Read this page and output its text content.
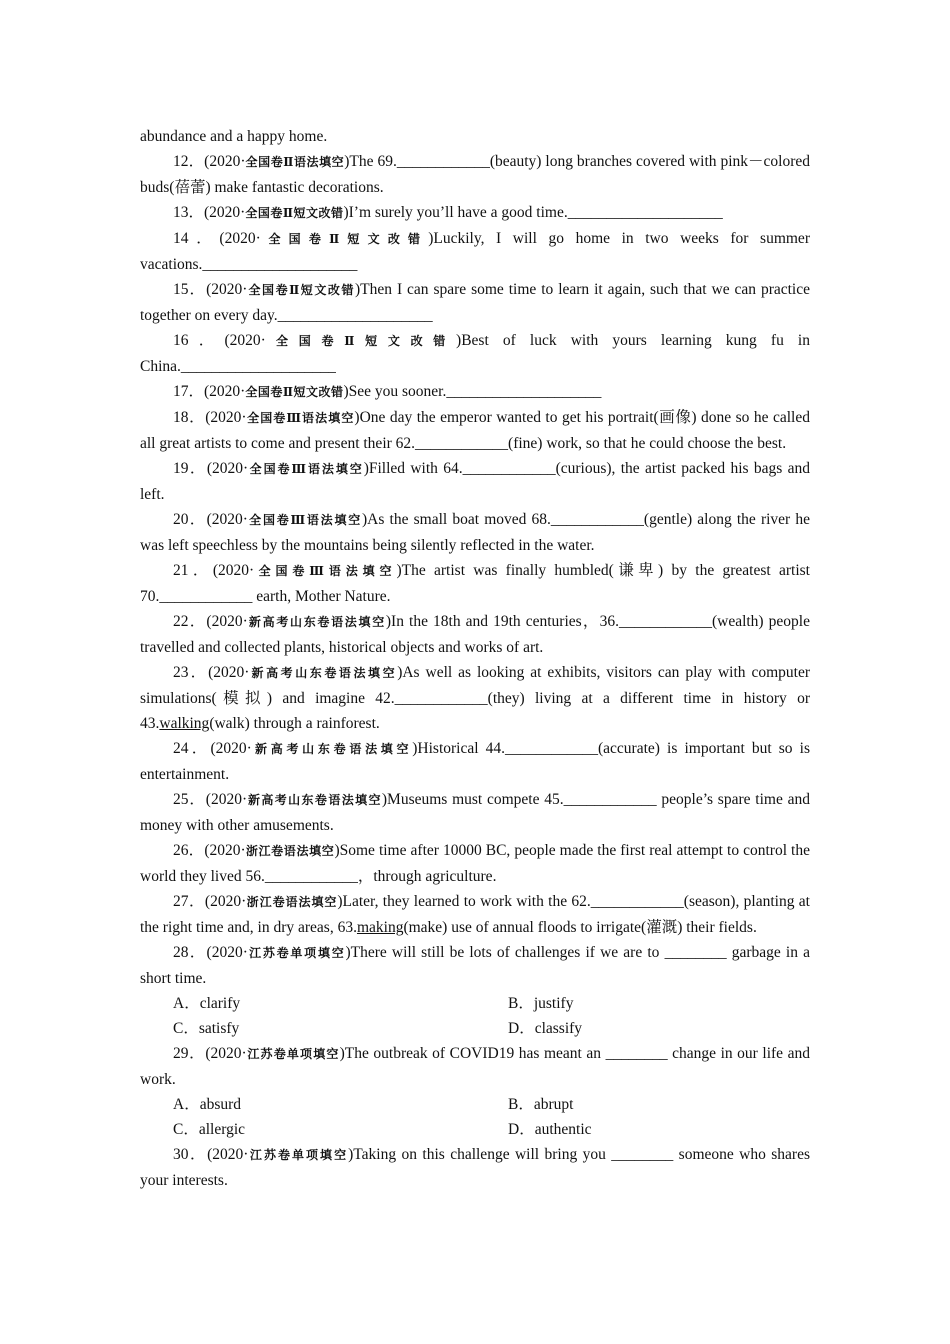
abundance and a happy home.

12．(2020·全国卷Ⅱ语法填空)The 69.____________(beauty) long branches covered with pink－colored buds(蓓蕾) make fantastic decorations.

13．(2020·全国卷Ⅱ短文改错)I’m surely you’ll have a good time.____________________

14．(2020·全国卷Ⅱ短文改错)Luckily, I will go home in two weeks for summer vacations.____________________

15．(2020·全国卷Ⅱ短文改错)Then I can spare some time to learn it again, such that we can practice together on every day.____________________

16．(2020·全国卷Ⅱ短文改错)Best of luck with yours learning kung fu in China.____________________

17．(2020·全国卷Ⅱ短文改错)See you sooner.____________________

18．(2020·全国卷Ⅲ语法填空)One day the emperor wanted to get his portrait(画像) done so he called all great artists to come and present their 62.____________(fine) work, so that he could choose the best.

19．(2020·全国卷Ⅲ语法填空)Filled with 64.____________(curious), the artist packed his bags and left.

20．(2020·全国卷Ⅲ语法填空)As the small boat moved 68.____________(gentle) along the river he was left speechless by the mountains being silently reflected in the water.

21．(2020·全国卷Ⅲ语法填空)The artist was finally humbled(谦卑) by the greatest artist 70.____________ earth, Mother Nature.

22．(2020·新高考山东卷语法填空)In the 18th and 19th centuries，36.____________(wealth) people travelled and collected plants, historical objects and works of art.

23．(2020·新高考山东卷语法填空)As well as looking at exhibits, visitors can play with computer simulations(模拟) and imagine 42.____________(they) living at a different time in history or 43.walking(walk) through a rainforest.

24．(2020·新高考山东卷语法填空)Historical 44.____________(accurate) is important but so is entertainment.

25．(2020·新高考山东卷语法填空)Museums must compete 45.____________ people’s spare time and money with other amusements.

26．(2020·浙江卷语法填空)Some time after 10000 BC, people made the first real attempt to control the world they lived 56.____________，through agriculture.

27．(2020·浙江卷语法填空)Later, they learned to work with the 62.____________(season), planting at the right time and, in dry areas, 63.making(make) use of annual floods to irrigate(灌溉) their fields.

28．(2020·江苏卷单项填空)There will still be lots of challenges if we are to ________ garbage in a short time.

A．clarify	B．justify
C．satisfy	D．classify

29．(2020·江苏卷单项填空)The outbreak of COVID19 has meant an ________ change in our life and work.

A．absurd	B．abrupt
C．allergic	D．authentic

30．(2020·江苏卷单项填空)Taking on this challenge will bring you ________ someone who shares your interests.
